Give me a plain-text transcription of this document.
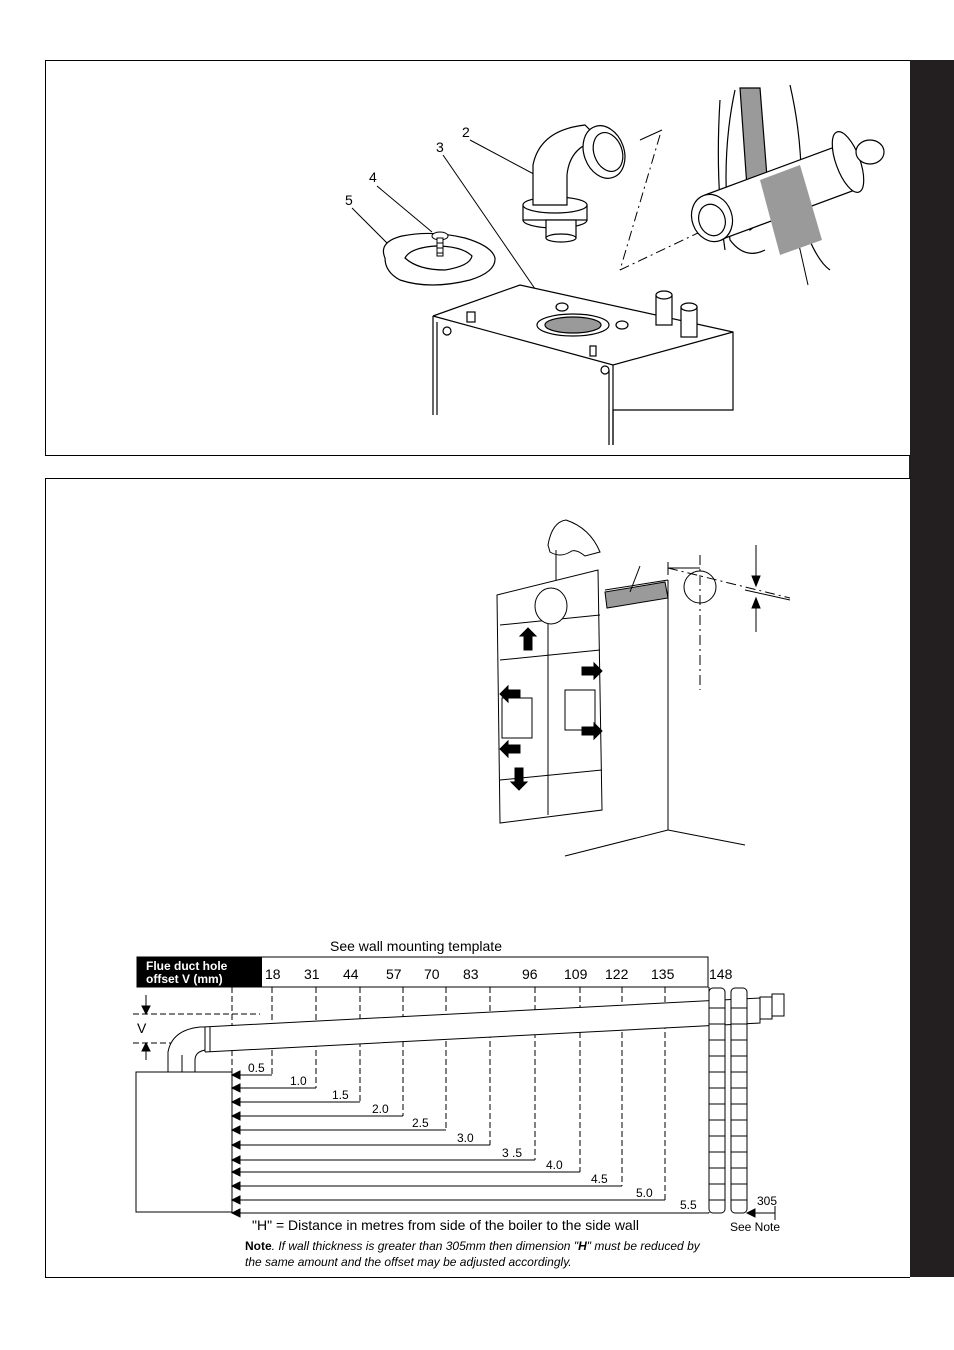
2
3
4
5
See wall mounting template
Flue duct hole
offset V (mm)	18 31 44 57 70 83	96 109 122 135 148
V
0.5
1.0
1.5
2.0
2.5
3.0
3 .5
4.0
4.5
5.0
5.5	305
See Note
"H" = Distance in metres from side of the boiler to the side wall
Note. If wall thickness is greater than 305mm then dimension "H" must be reduced by the same amount and the offset may be adjusted accordingly.
